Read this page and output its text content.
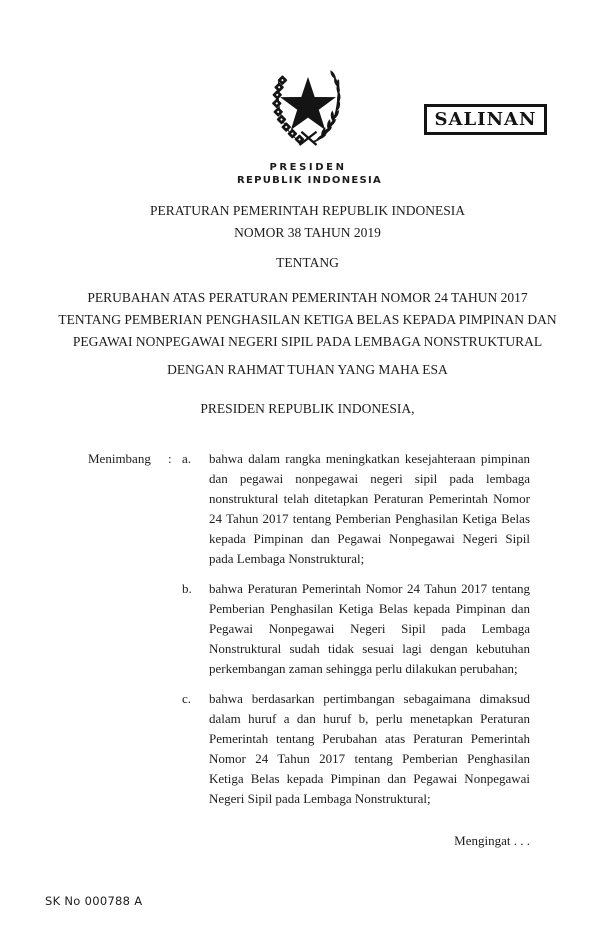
PRESIDEN
REPUBLIK INDONESIA
SALINAN
PERATURAN PEMERINTAH REPUBLIK INDONESIA
NOMOR 38 TAHUN 2019
TENTANG
PERUBAHAN ATAS PERATURAN PEMERINTAH NOMOR 24 TAHUN 2017
TENTANG PEMBERIAN PENGHASILAN KETIGA BELAS KEPADA PIMPINAN DAN
PEGAWAI NONPEGAWAI NEGERI SIPIL PADA LEMBAGA NONSTRUKTURAL
DENGAN RAHMAT TUHAN YANG MAHA ESA
PRESIDEN REPUBLIK INDONESIA,
Menimbang	: a.	bahwa dalam rangka meningkatkan kesejahteraan pimpinan dan pegawai nonpegawai negeri sipil pada lembaga nonstruktural telah ditetapkan Peraturan Pemerintah Nomor 24 Tahun 2017 tentang Pemberian Penghasilan Ketiga Belas kepada Pimpinan dan Pegawai Nonpegawai Negeri Sipil pada Lembaga Nonstruktural;
b.	bahwa Peraturan Pemerintah Nomor 24 Tahun 2017 tentang Pemberian Penghasilan Ketiga Belas kepada Pimpinan dan Pegawai Nonpegawai Negeri Sipil pada Lembaga Nonstruktural sudah tidak sesuai lagi dengan kebutuhan perkembangan zaman sehingga perlu dilakukan perubahan;
c.	bahwa berdasarkan pertimbangan sebagaimana dimaksud dalam huruf a dan huruf b, perlu menetapkan Peraturan Pemerintah tentang Perubahan atas Peraturan Pemerintah Nomor 24 Tahun 2017 tentang Pemberian Penghasilan Ketiga Belas kepada Pimpinan dan Pegawai Nonpegawai Negeri Sipil pada Lembaga Nonstruktural;
Mengingat . . .
SK No 000788 A
